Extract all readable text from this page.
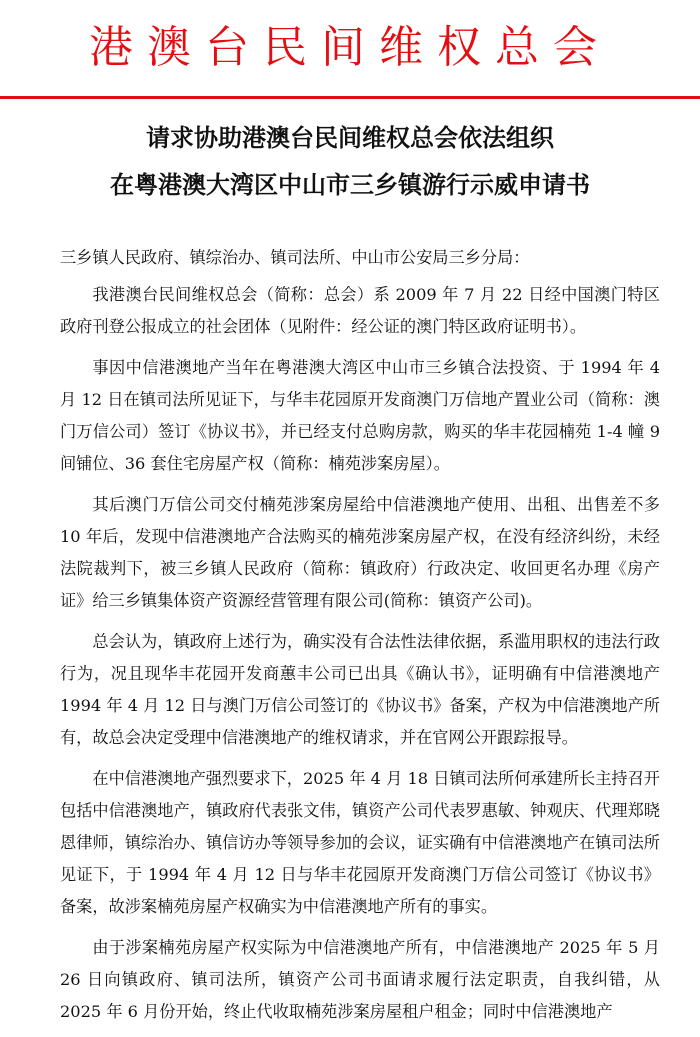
港澳台民间维权总会
请求协助港澳台民间维权总会依法组织
在粤港澳大湾区中山市三乡镇游行示威申请书

三乡镇人民政府、镇综治办、镇司法所、中山市公安局三乡分局：

我港澳台民间维权总会（简称：总会）系 2009 年 7 月 22 日经中国澳门特区政府刊登公报成立的社会团体（见附件：经公证的澳门特区政府证明书）。

事因中信港澳地产当年在粤港澳大湾区中山市三乡镇合法投资、于 1994 年 4 月 12 日在镇司法所见证下，与华丰花园原开发商澳门万信地产置业公司（简称：澳门万信公司）签订《协议书》，并已经支付总购房款，购买的华丰花园楠苑 1-4 幢 9 间铺位、36 套住宅房屋产权（简称：楠苑涉案房屋）。

其后澳门万信公司交付楠苑涉案房屋给中信港澳地产使用、出租、出售差不多 10 年后，发现中信港澳地产合法购买的楠苑涉案房屋产权，在没有经济纠纷，未经法院裁判下，被三乡镇人民政府（简称：镇政府）行政决定、收回更名办理《房产证》给三乡镇集体资产资源经营管理有限公司(简称：镇资产公司)。

总会认为，镇政府上述行为，确实没有合法性法律依据，系滥用职权的违法行政行为，况且现华丰花园开发商蕙丰公司已出具《确认书》，证明确有中信港澳地产 1994 年 4 月 12 日与澳门万信公司签订的《协议书》备案，产权为中信港澳地产所有，故总会决定受理中信港澳地产的维权请求，并在官网公开跟踪报导。

在中信港澳地产强烈要求下，2025 年 4 月 18 日镇司法所何承建所长主持召开包括中信港澳地产，镇政府代表张文伟，镇资产公司代表罗惠敏、钟观庆、代理郑晓恩律师，镇综治办、镇信访办等领导参加的会议，证实确有中信港澳地产在镇司法所见证下，于 1994 年 4 月 12 日与华丰花园原开发商澳门万信公司签订《协议书》备案，故涉案楠苑房屋产权确实为中信港澳地产所有的事实。

由于涉案楠苑房屋产权实际为中信港澳地产所有，中信港澳地产 2025 年 5 月 26 日向镇政府、镇司法所，镇资产公司书面请求履行法定职责，自我纠错，从 2025 年 6 月份开始，终止代收取楠苑涉案房屋租户租金；同时中信港澳地产
